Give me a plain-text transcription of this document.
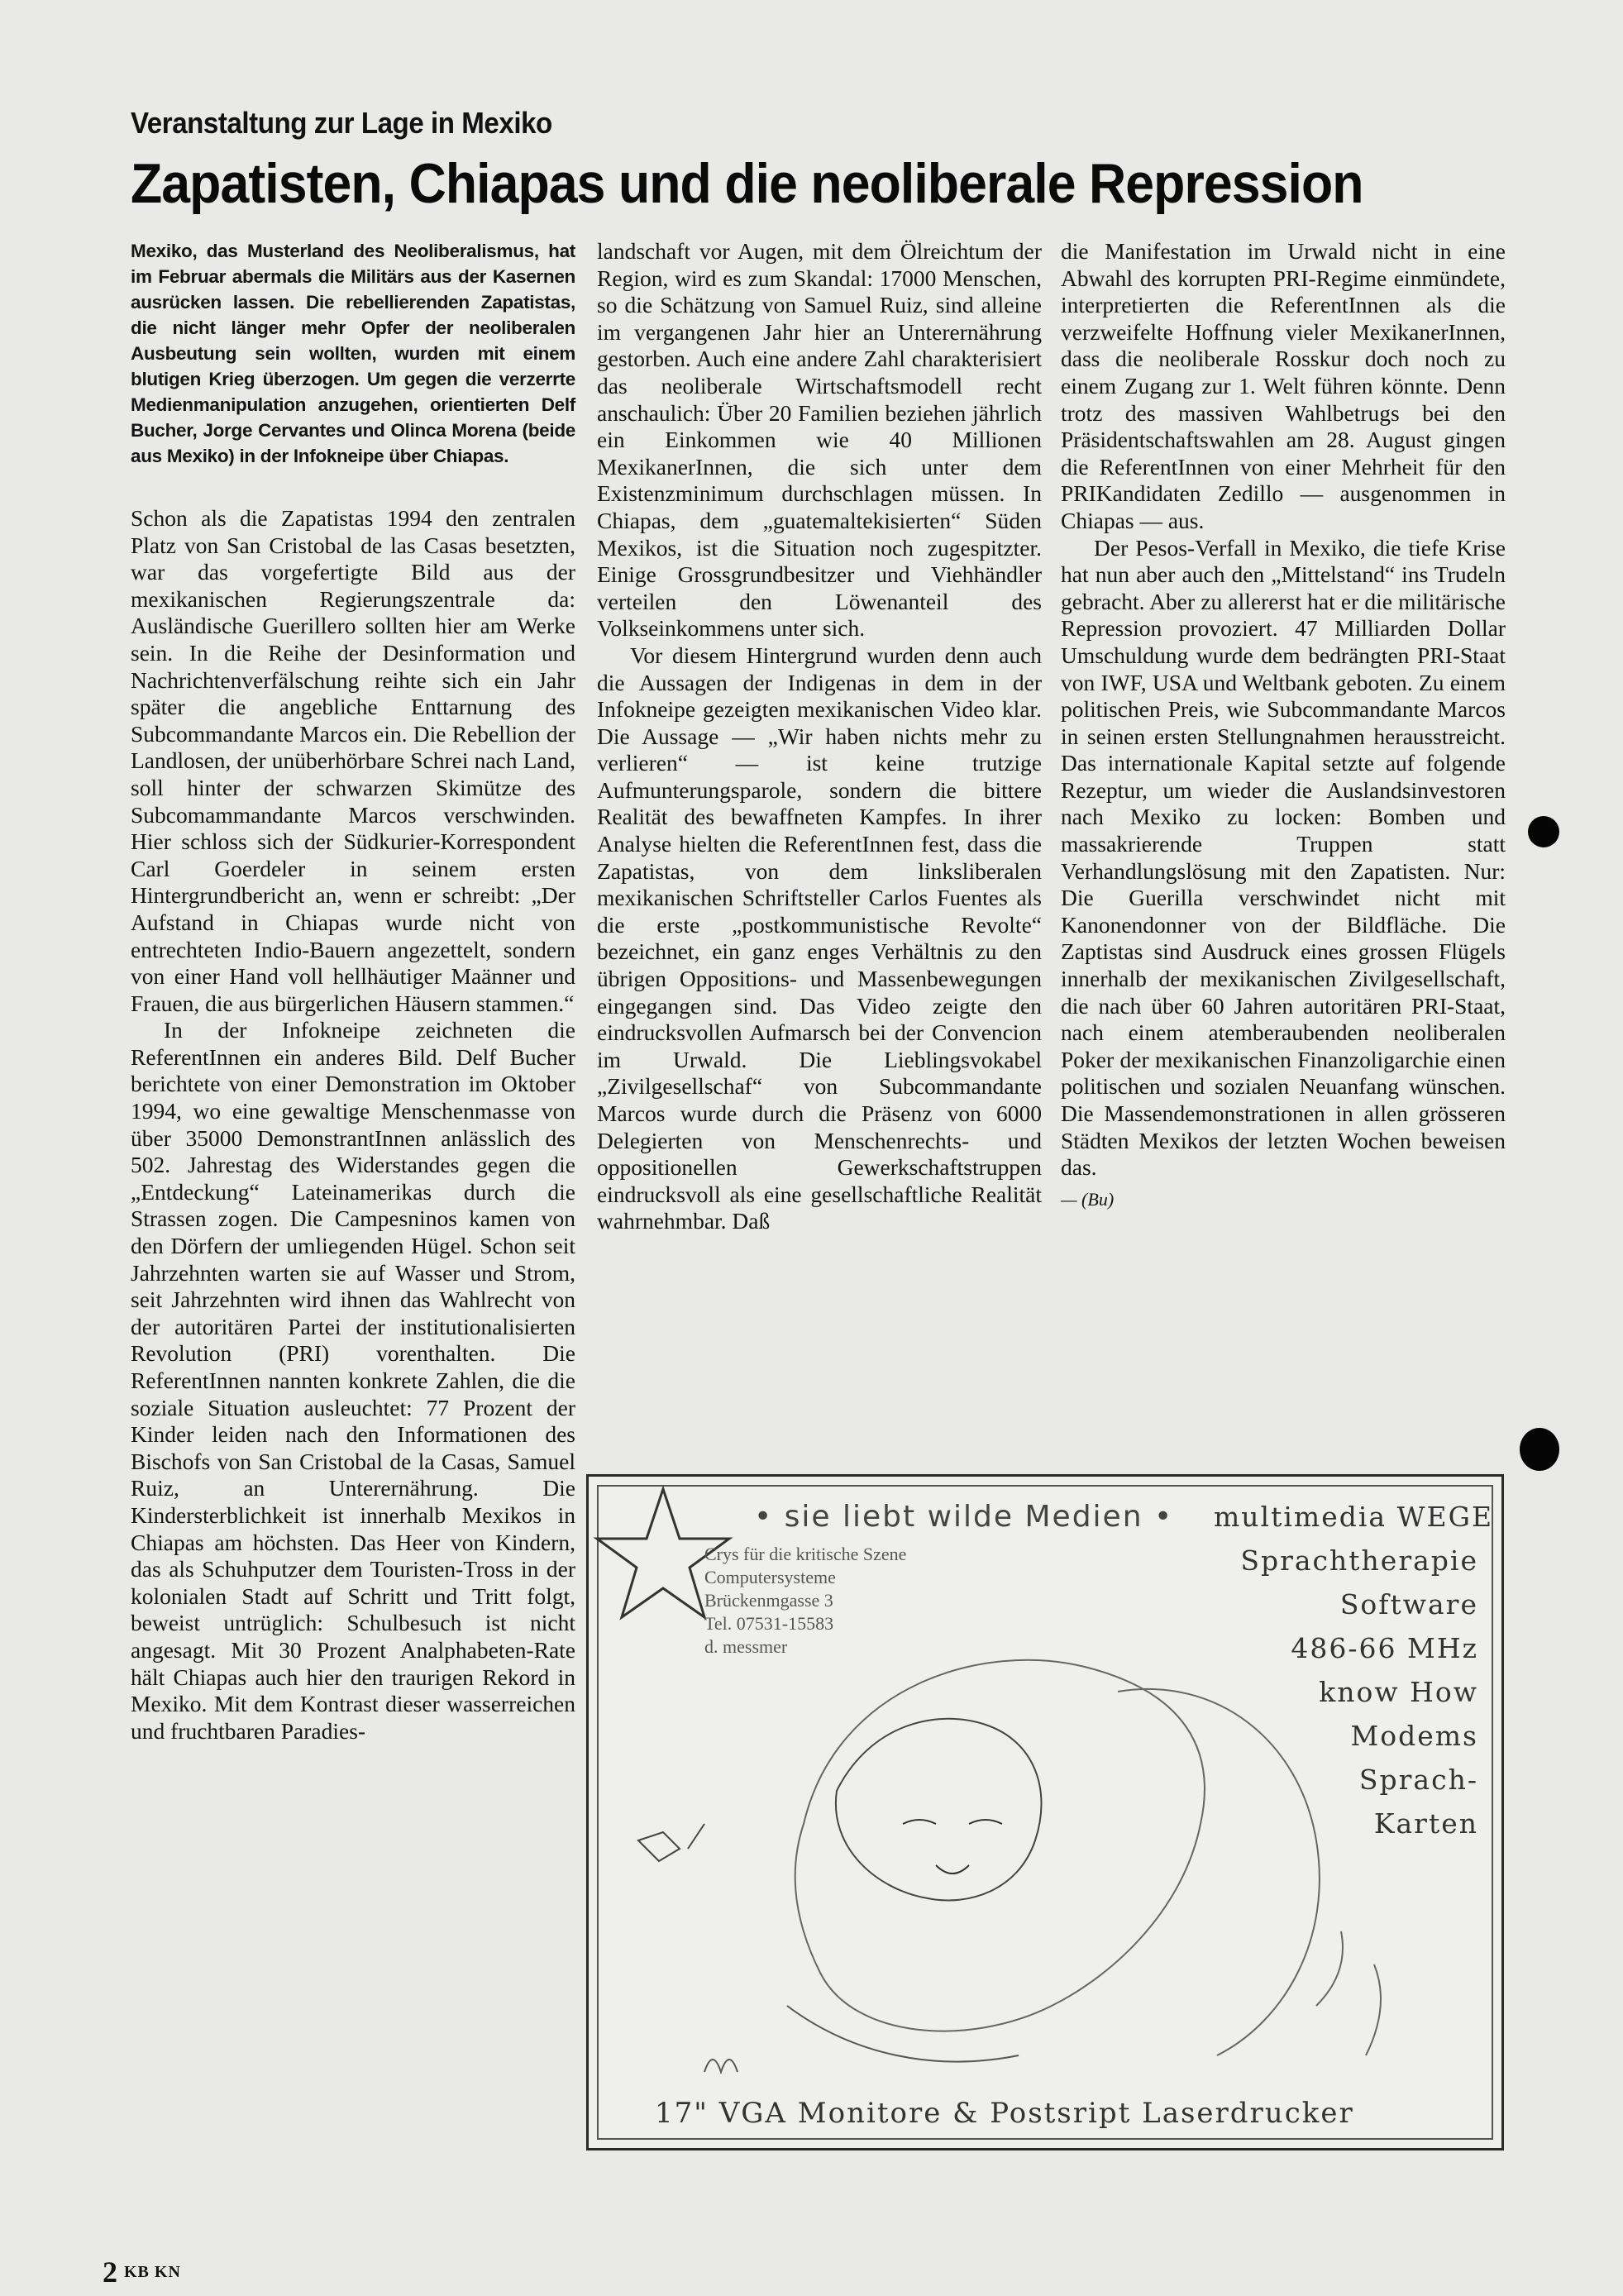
Veranstaltung zur Lage in Mexiko
Zapatisten, Chiapas und die neoliberale Repression

Mexiko, das Musterland des Neoliberalismus, hat im Februar abermals die Militärs aus der Kasernen ausrücken lassen. Die rebellierenden Zapatistas, die nicht länger mehr Opfer der neoliberalen Ausbeutung sein wollten, wurden mit einem blutigen Krieg überzogen. Um gegen die verzerrte Medienmanipulation anzugehen, orientierten Delf Bucher, Jorge Cervantes und Olinca Morena (beide aus Mexiko) in der Infokneipe über Chiapas.

Schon als die Zapatistas 1994 den zentralen Platz von San Cristobal de las Casas besetzten, war das vorgefertigte Bild aus der mexikanischen Regierungszentrale da: Ausländische Guerillero sollten hier am Werke sein. In die Reihe der Desinformation und Nachrichtenverfälschung reihte sich ein Jahr später die angebliche Enttarnung des Subcommandante Marcos ein. Die Rebellion der Landlosen, der unüberhörbare Schrei nach Land, soll hinter der schwarzen Skimütze des Subcomammandante Marcos verschwinden. Hier schloss sich der Südkurier-Korrespondent Carl Goerdeler in seinem ersten Hintergrundbericht an, wenn er schreibt: „Der Aufstand in Chiapas wurde nicht von entrechteten Indio-Bauern angezettelt, sondern von einer Hand voll hellhäutiger Maänner und Frauen, die aus bürgerlichen Häusern stammen.“

In der Infokneipe zeichneten die ReferentInnen ein anderes Bild. Delf Bucher berichtete von einer Demonstration im Oktober 1994, wo eine gewaltige Menschenmasse von über 35000 DemonstrantInnen anlässlich des 502. Jahrestag des Widerstandes gegen die „Entdeckung“ Lateinamerikas durch die Strassen zogen. Die Campesninos kamen von den Dörfern der umliegenden Hügel. Schon seit Jahrzehnten warten sie auf Wasser und Strom, seit Jahrzehnten wird ihnen das Wahlrecht von der autoritären Partei der institutionalisierten Revolution (PRI) vorenthalten. Die ReferentInnen nannten konkrete Zahlen, die die soziale Situation ausleuchtet: 77 Prozent der Kinder leiden nach den Informationen des Bischofs von San Cristobal de la Casas, Samuel Ruiz, an Unterernährung. Die Kindersterblichkeit ist innerhalb Mexikos in Chiapas am höchsten. Das Heer von Kindern, das als Schuhputzer dem Touristen-Tross in der kolonialen Stadt auf Schritt und Tritt folgt, beweist untrüglich: Schulbesuch ist nicht angesagt. Mit 30 Prozent Analphabeten-Rate hält Chiapas auch hier den traurigen Rekord in Mexiko. Mit dem Kontrast dieser wasserreichen und fruchtbaren Paradies-

landschaft vor Augen, mit dem Ölreichtum der Region, wird es zum Skandal: 17000 Menschen, so die Schätzung von Samuel Ruiz, sind alleine im vergangenen Jahr hier an Unterernährung gestorben. Auch eine andere Zahl charakterisiert das neoliberale Wirtschaftsmodell recht anschaulich: Über 20 Familien beziehen jährlich ein Einkommen wie 40 Millionen MexikanerInnen, die sich unter dem Existenzminimum durchschlagen müssen. In Chiapas, dem „guatemaltekisierten“ Süden Mexikos, ist die Situation noch zugespitzter. Einige Grossgrundbesitzer und Viehhändler verteilen den Löwenanteil des Volkseinkommens unter sich.

Vor diesem Hintergrund wurden denn auch die Aussagen der Indigenas in dem in der Infokneipe gezeigten mexikanischen Video klar. Die Aussage — „Wir haben nichts mehr zu verlieren“ — ist keine trutzige Aufmunterungsparole, sondern die bittere Realität des bewaffneten Kampfes. In ihrer Analyse hielten die ReferentInnen fest, dass die Zapatistas, von dem linksliberalen mexikanischen Schriftsteller Carlos Fuentes als die erste „postkommunistische Revolte“ bezeichnet, ein ganz enges Verhältnis zu den übrigen Oppositions- und Massenbewegungen eingegangen sind. Das Video zeigte den eindrucksvollen Aufmarsch bei der Convencion im Urwald. Die Lieblingsvokabel „Zivilgesellschaf“ von Subcommandante Marcos wurde durch die Präsenz von 6000 Delegierten von Menschenrechts- und oppositionellen Gewerkschaftstruppen eindrucksvoll als eine gesellschaftliche Realität wahrnehmbar. Daß

die Manifestation im Urwald nicht in eine Abwahl des korrupten PRI-Regime einmündete, interpretierten die ReferentInnen als die verzweifelte Hoffnung vieler MexikanerInnen, dass die neoliberale Rosskur doch noch zu einem Zugang zur 1. Welt führen könnte. Denn trotz des massiven Wahlbetrugs bei den Präsidentschaftswahlen am 28. August gingen die ReferentInnen von einer Mehrheit für den PRIKandidaten Zedillo — ausgenommen in Chiapas — aus.

Der Pesos-Verfall in Mexiko, die tiefe Krise hat nun aber auch den „Mittelstand“ ins Trudeln gebracht. Aber zu allererst hat er die militärische Repression provoziert. 47 Milliarden Dollar Umschuldung wurde dem bedrängten PRI-Staat von IWF, USA und Weltbank geboten. Zu einem politischen Preis, wie Subcommandante Marcos in seinen ersten Stellungnahmen herausstreicht. Das internationale Kapital setzte auf folgende Rezeptur, um wieder die Auslandsinvestoren nach Mexiko zu locken: Bomben und massakrierende Truppen statt Verhandlungslösung mit den Zapatisten. Nur: Die Guerilla verschwindet nicht mit Kanonendonner von der Bildfläche. Die Zaptistas sind Ausdruck eines grossen Flügels innerhalb der mexikanischen Zivilgesellschaft, die nach über 60 Jahren autoritären PRI-Staat, nach einem atemberaubenden neoliberalen Poker der mexikanischen Finanzoligarchie einen politischen und sozialen Neuanfang wünschen. Die Massendemonstrationen in allen grösseren Städten Mexikos der letzten Wochen beweisen das.

— (Bu)

• sie liebt wilde Medien •
Crys für die kritische Szene
Computersysteme
Brückenmgasse 3
Tel. 07531-15583
d. messmer
multimedia WEGE
Sprachtherapie
Software
486-66 MHz
know How
Modems
Sprach-
Karten
17" VGA Monitore & Postsript Laserdrucker
2 KB KN
